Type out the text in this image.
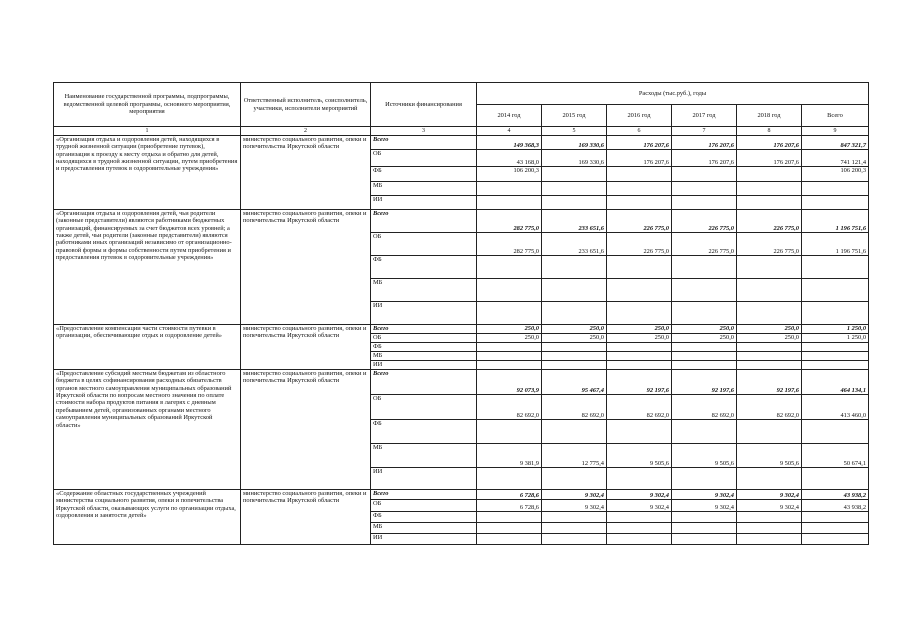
Наименование государственной программы, подпрограммы, ведомственной целевой программы, основного мероприятия, мероприятия	Ответственный исполнитель, соисполнитель, участники, исполнители мероприятий	Источники финансирования	Расходы (тыс.руб.), годы					
			2014 год	2015 год	2016 год	2017 год	2018 год	Всего
1	2	3	4	5	6	7	8	9
«Организация отдыха и оздоровления детей, находящихся в трудной жизненной ситуации (приобретение путевок), организация к проезду к месту отдыха и обратно для детей, находящихся в трудной жизненной ситуации, путем приобретения и предоставления путевок в оздоровительные учреждения»	министерство социального развития, опеки и попечительства Иркутской области	Всего	149 368,3	169 330,6	176 207,6	176 207,6	176 207,6	847 321,7
		ОБ	43 168,0	169 330,6	176 207,6	176 207,6	176 207,6	741 121,4
		ФБ	106 200,3					106 200,3
		МБ						
		ИИ						
«Организация отдыха и оздоровления детей, чьи родители (законные представители) являются работниками бюджетных организаций, финансируемых за счет бюджетов всех уровней; а также детей, чьи родители (законные представители) являются работниками иных организаций независимо от организационно-правовой формы и формы собственности путем приобретения и предоставления путевок в оздоровительные учреждения»	министерство социального развития, опеки и попечительства Иркутской области	Всего	282 775,0	233 651,6	226 775,0	226 775,0	226 775,0	1 196 751,6
		ОБ	282 775,0	233 651,6	226 775,0	226 775,0	226 775,0	1 196 751,6
		ФБ						
		МБ						
		ИИ						
«Предоставление компенсации части стоимости путевки в организации, обеспечивающие отдых и оздоровление детей»	министерство социального развития, опеки и попечительства Иркутской области	Всего	250,0	250,0	250,0	250,0	250,0	1 250,0
		ОБ	250,0	250,0	250,0	250,0	250,0	1 250,0
		ФБ						
		МБ						
		ИИ						
«Предоставление субсидий местным бюджетам из областного бюджета в целях софинансирования расходных обязательств органов местного самоуправления муниципальных образований Иркутской области по вопросам местного значения по оплате стоимости набора продуктов питания в лагерях с дневным пребыванием детей, организованных органами местного самоуправления муниципальных образований Иркутской области»	министерство социального развития, опеки и попечительства Иркутской области	Всего	92 073,9	95 467,4	92 197,6	92 197,6	92 197,6	464 134,1
		ОБ	82 692,0	82 692,0	82 692,0	82 692,0	82 692,0	413 460,0
		ФБ						
		МБ	9 381,9	12 775,4	9 505,6	9 505,6	9 505,6	50 674,1
		ИИ						
«Содержание областных государственных учреждений министерства социального развития, опеки и попечительства Иркутской области, оказывающих услуги по организации отдыха, оздоровления и занятости детей»	министерство социального развития, опеки и попечительства Иркутской области	Всего	6 728,6	9 302,4	9 302,4	9 302,4	9 302,4	43 938,2
		ОБ	6 728,6	9 302,4	9 302,4	9 302,4	9 302,4	43 938,2
		ФБ						
		МБ						
		ИИ						
